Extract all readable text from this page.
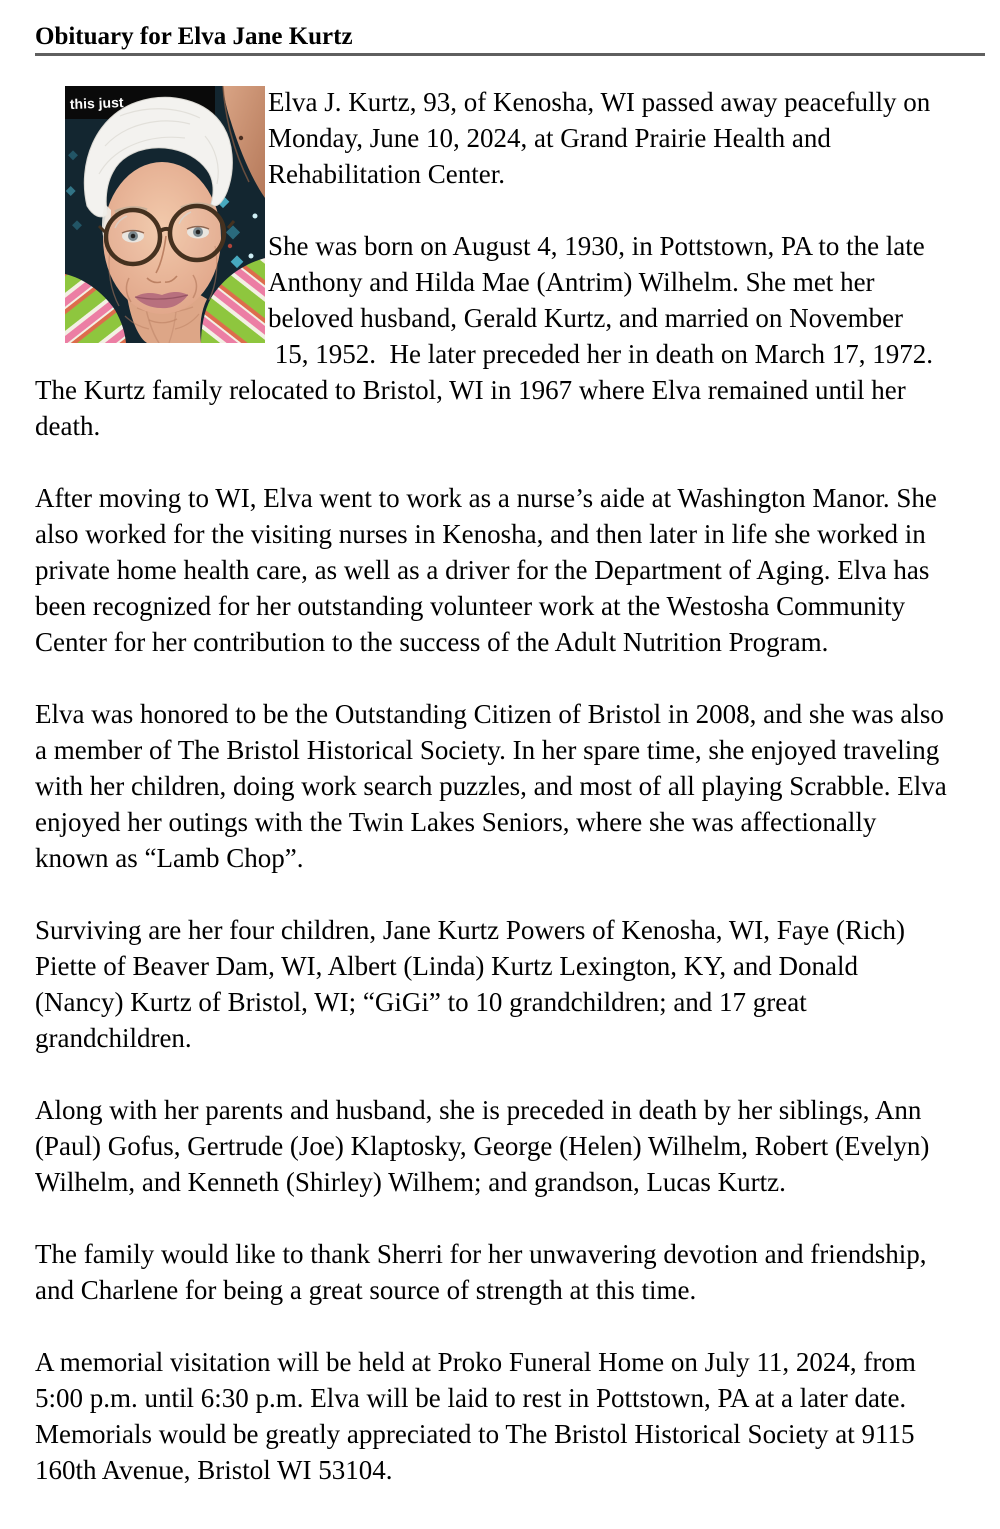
Obituary for Elva Jane Kurtz
this just	Elva J. Kurtz, 93, of Kenosha, WI passed away peacefully on
Monday, June 10, 2024, at Grand Prairie Health and
Rehabilitation Center.
She was born on August 4, 1930, in Pottstown, PA to the late
Anthony and Hilda Mae (Antrim) Wilhelm. She met her
beloved husband, Gerald Kurtz, and married on November
15, 1952.  He later preceded her in death on March 17, 1972.
The Kurtz family relocated to Bristol, WI in 1967 where Elva remained until her
death.
After moving to WI, Elva went to work as a nurse’s aide at Washington Manor. She
also worked for the visiting nurses in Kenosha, and then later in life she worked in
private home health care, as well as a driver for the Department of Aging. Elva has
been recognized for her outstanding volunteer work at the Westosha Community
Center for her contribution to the success of the Adult Nutrition Program.
Elva was honored to be the Outstanding Citizen of Bristol in 2008, and she was also
a member of The Bristol Historical Society. In her spare time, she enjoyed traveling
with her children, doing work search puzzles, and most of all playing Scrabble. Elva
enjoyed her outings with the Twin Lakes Seniors, where she was affectionally
known as “Lamb Chop”.
Surviving are her four children, Jane Kurtz Powers of Kenosha, WI, Faye (Rich)
Piette of Beaver Dam, WI, Albert (Linda) Kurtz Lexington, KY, and Donald
(Nancy) Kurtz of Bristol, WI; “GiGi” to 10 grandchildren; and 17 great
grandchildren.
Along with her parents and husband, she is preceded in death by her siblings, Ann
(Paul) Gofus, Gertrude (Joe) Klaptosky, George (Helen) Wilhelm, Robert (Evelyn)
Wilhelm, and Kenneth (Shirley) Wilhem; and grandson, Lucas Kurtz.
The family would like to thank Sherri for her unwavering devotion and friendship,
and Charlene for being a great source of strength at this time.
A memorial visitation will be held at Proko Funeral Home on July 11, 2024, from
5:00 p.m. until 6:30 p.m. Elva will be laid to rest in Pottstown, PA at a later date.
Memorials would be greatly appreciated to The Bristol Historical Society at 9115
160th Avenue, Bristol WI 53104.
